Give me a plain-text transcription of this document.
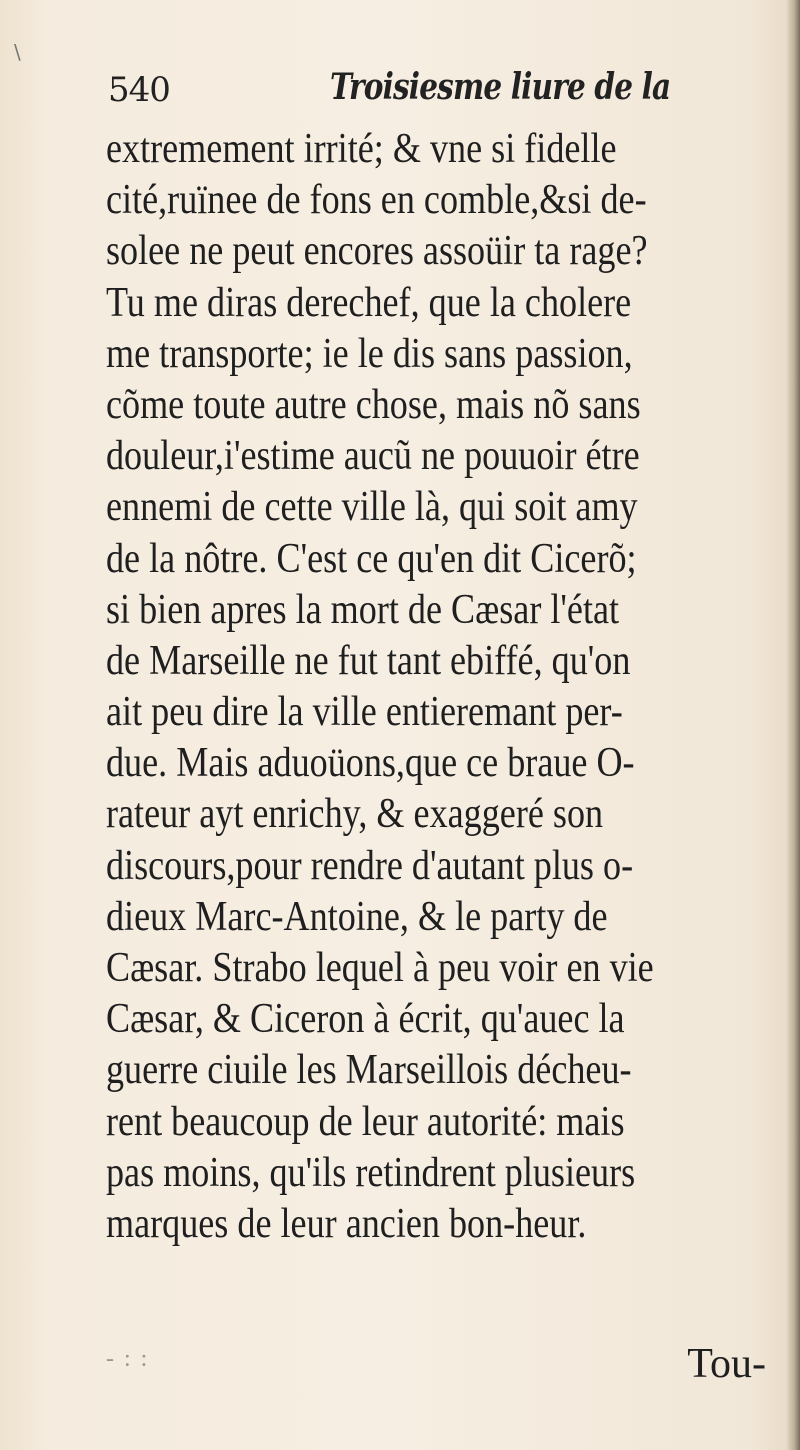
\
540	Troisiesme liure de la
extremement irrité; & vne si fidelle
cité,ruïnee de fons en comble,&si de-
solee ne peut encores assoüir ta rage?
Tu me diras derechef, que la cholere
me transporte; ie le dis sans passion,
cõme toute autre chose, mais nõ sans
douleur,i'estime aucũ ne pouuoir étre
ennemi de cette ville là, qui soit amy
de la nôtre. C'est ce qu'en dit Cicerõ;
si bien apres la mort de Cæsar l'état
de Marseille ne fut tant ebiffé, qu'on
ait peu dire la ville entieremant per-
due. Mais aduoüons,que ce braue O-
rateur ayt enrichy, & exaggeré son
discours,pour rendre d'autant plus o-
dieux Marc-Antoine, & le party de
Cæsar. Strabo lequel à peu voir en vie
Cæsar, & Ciceron à écrit, qu'auec la
guerre ciuile les Marseillois décheu-
rent beaucoup de leur autorité: mais
pas moins, qu'ils retindrent plusieurs
marques de leur ancien bon-heur.
- : :	Tou-
